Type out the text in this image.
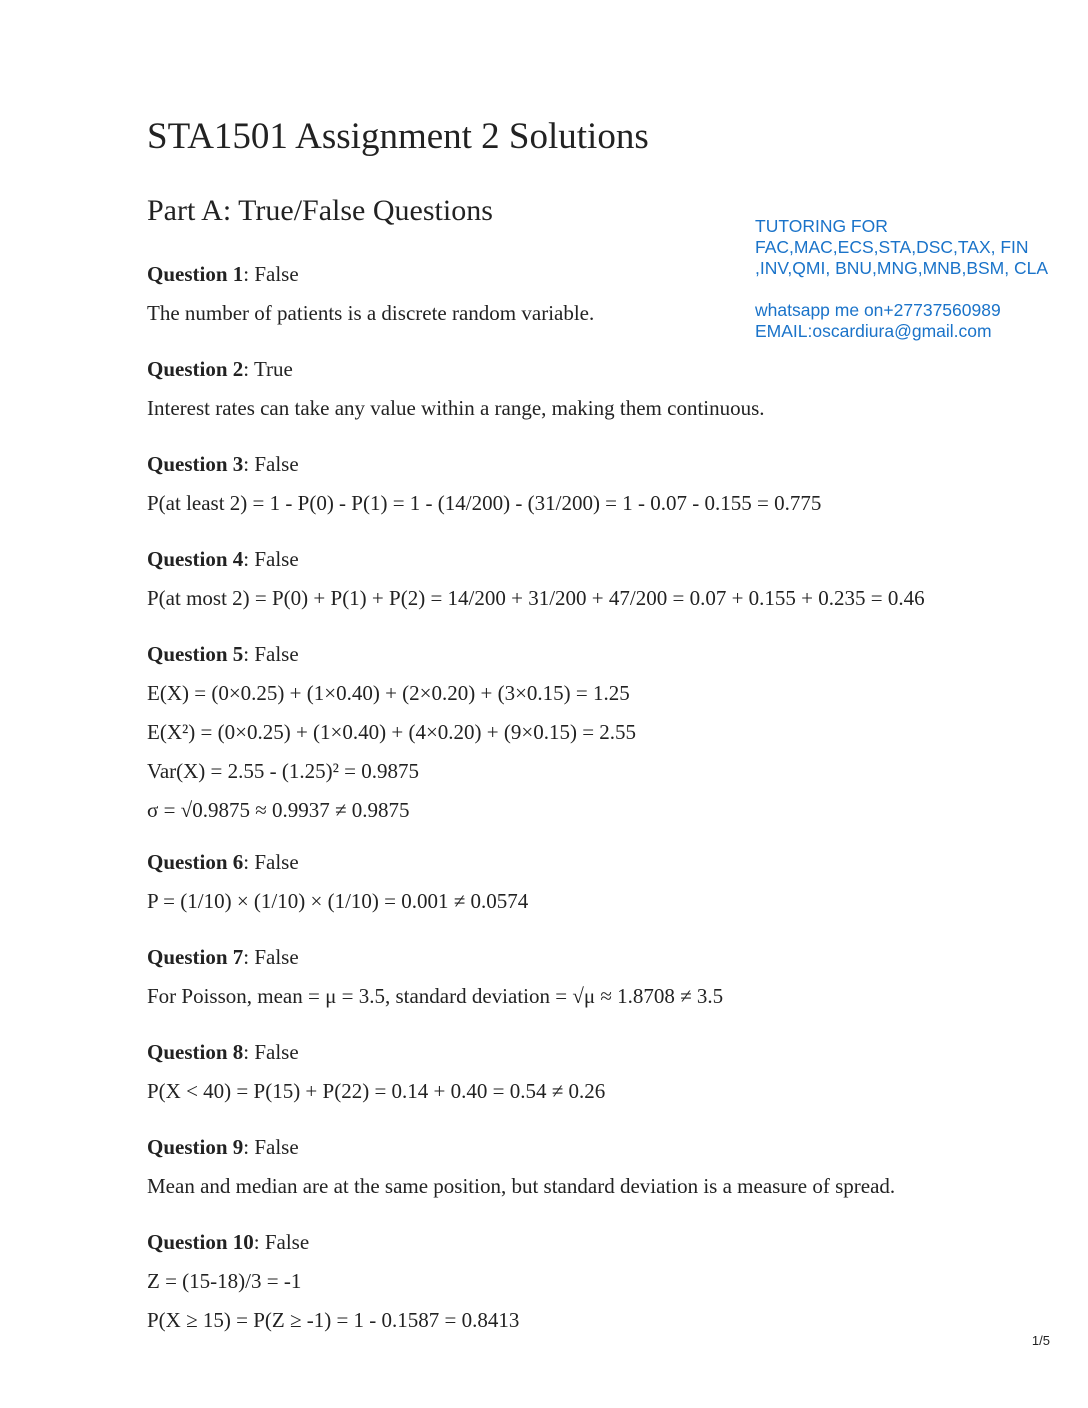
STA1501 Assignment 2 Solutions
Part A: True/False Questions	TUTORING FOR
FAC,MAC,ECS,STA,DSC,TAX, FIN
,INV,QMI, BNU,MNG,MNB,BSM, CLA
whatsapp me on+27737560989
EMAIL:oscardiura@gmail.com
Question 1: False
The number of patients is a discrete random variable.
Question 2: True
Interest rates can take any value within a range, making them continuous.
Question 3: False
P(at least 2) = 1 - P(0) - P(1) = 1 - (14/200) - (31/200) = 1 - 0.07 - 0.155 = 0.775
Question 4: False
P(at most 2) = P(0) + P(1) + P(2) = 14/200 + 31/200 + 47/200 = 0.07 + 0.155 + 0.235 = 0.46
Question 5: False
E(X) = (0×0.25) + (1×0.40) + (2×0.20) + (3×0.15) = 1.25
E(X²) = (0×0.25) + (1×0.40) + (4×0.20) + (9×0.15) = 2.55
Var(X) = 2.55 - (1.25)² = 0.9875
σ = √0.9875 ≈ 0.9937 ≠ 0.9875
Question 6: False
P = (1/10) × (1/10) × (1/10) = 0.001 ≠ 0.0574
Question 7: False
For Poisson, mean = μ = 3.5, standard deviation = √μ ≈ 1.8708 ≠ 3.5
Question 8: False
P(X < 40) = P(15) + P(22) = 0.14 + 0.40 = 0.54 ≠ 0.26
Question 9: False
Mean and median are at the same position, but standard deviation is a measure of spread.
Question 10: False
Z = (15-18)/3 = -1
P(X ≥ 15) = P(Z ≥ -1) = 1 - 0.1587 = 0.8413
1/5
